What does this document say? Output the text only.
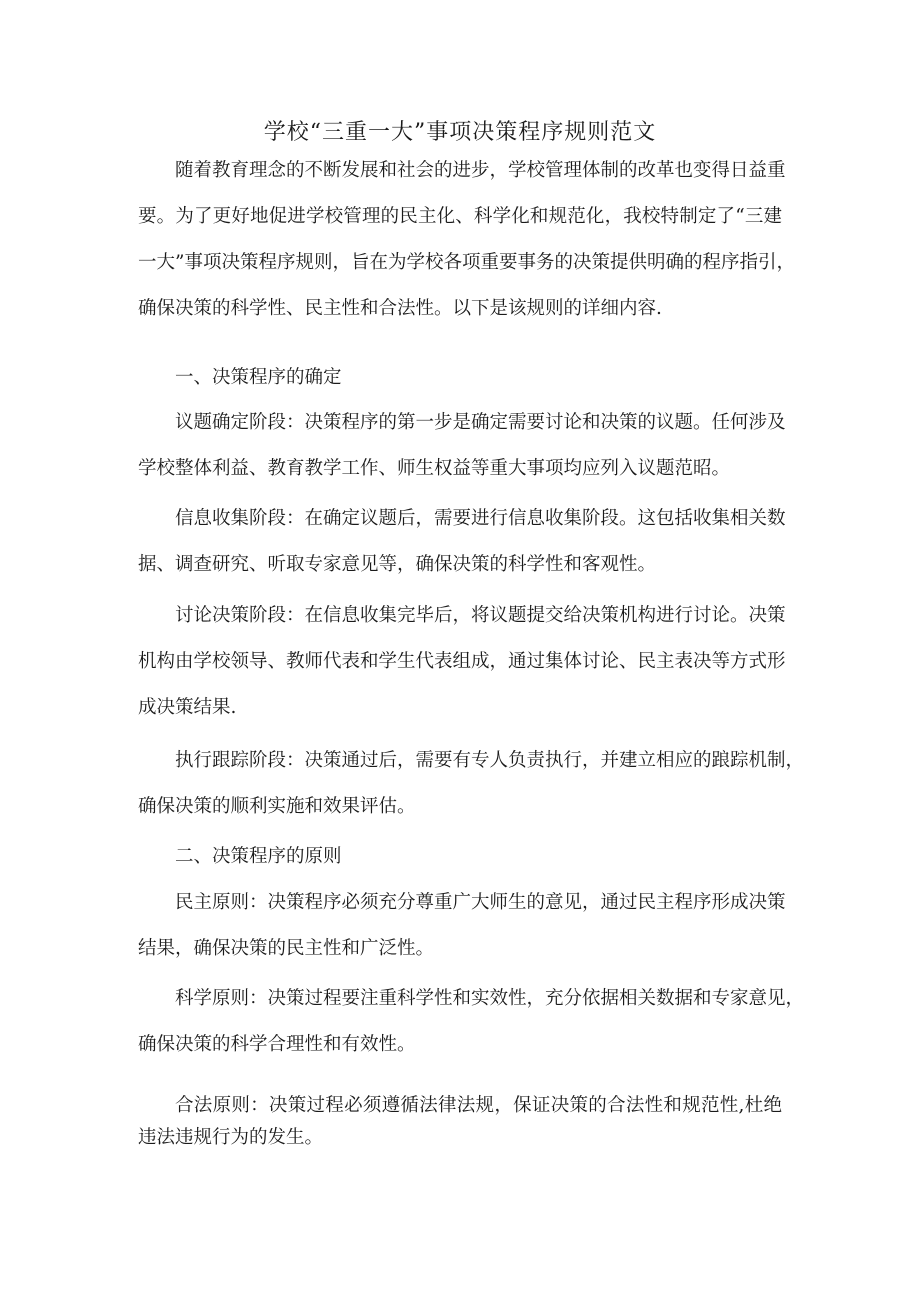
学校“三重一大”事项决策程序规则范文
随着教育理念的不断发展和社会的进步，学校管理体制的改革也变得日益重
要。为了更好地促进学校管理的民主化、科学化和规范化，我校特制定了“三建
一大”事项决策程序规则，旨在为学校各项重要事务的决策提供明确的程序指引，
确保决策的科学性、民主性和合法性。以下是该规则的详细内容.
一、决策程序的确定
议题确定阶段：决策程序的第一步是确定需要讨论和决策的议题。任何涉及
学校整体利益、教育教学工作、师生权益等重大事项均应列入议题范昭。
信息收集阶段：在确定议题后，需要进行信息收集阶段。这包括收集相关数
据、调查研究、听取专家意见等，确保决策的科学性和客观性。
讨论决策阶段：在信息收集完毕后，将议题提交给决策机构进行讨论。决策
机构由学校领导、教师代表和学生代表组成，通过集体讨论、民主表决等方式形
成决策结果.
执行跟踪阶段：决策通过后，需要有专人负责执行，并建立相应的踉踪机制，
确保决策的顺利实施和效果评估。
二、决策程序的原则
民主原则：决策程序必须充分尊重广大师生的意见，通过民主程序形成决策
结果，确保决策的民主性和广泛性。
科学原则：决策过程要注重科学性和实效性，充分依据相关数据和专家意见，
确保决策的科学合理性和有效性。
合法原则：决策过程必须遵循法律法规，保证决策的合法性和规范性,杜绝
违法违规行为的发生。
